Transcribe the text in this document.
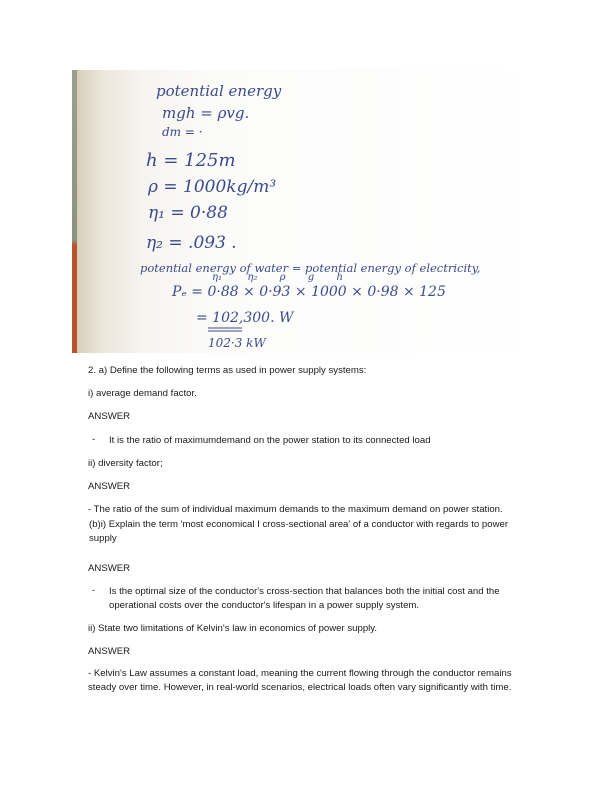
potential energy
mgh = ρvg.
dm = ·
h = 125m
ρ = 1000kg/m³
η₁ = 0·88
η₂ = .093 .
potential energy of water = potential energy of electricity,
η₁        η₂       ρ       g       h
Pₑ = 0·88 × 0·93 × 1000 × 0·98 × 125
= 102,300. W
102·3 kW
2. a) Define the following terms as used in power supply systems:
i) average demand factor.
ANSWER
- It is the ratio of maximumdemand on the power station to its connected load
ii) diversity factor;
ANSWER
- The ratio of the sum of individual maximum demands to the maximum demand on power station.
(b)i) Explain the term 'most economical I cross-sectional area' of a conductor with regards to power supply
ANSWER
- Is the optimal size of the conductor's cross-section that balances both the initial cost and the operational costs over the conductor's lifespan in a power supply system.
ii) State two limitations of Kelvin's law in economics of power supply.
ANSWER
- Kelvin's Law assumes a constant load, meaning the current flowing through the conductor remains steady over time. However, in real-world scenarios, electrical loads often vary significantly with time.
